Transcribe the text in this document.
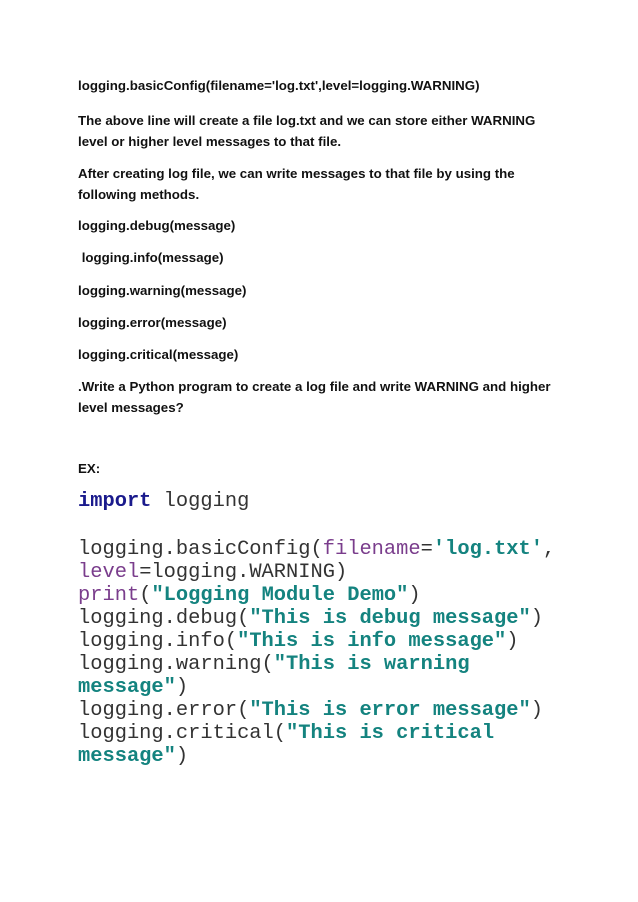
logging.basicConfig(filename='log.txt',level=logging.WARNING)
The above line will create a file log.txt and we can store either WARNING
level or higher level messages to that file.
After creating log file, we can write messages to that file by using the
following methods.
logging.debug(message)
logging.info(message)
logging.warning(message)
logging.error(message)
logging.critical(message)
.Write a Python program to create a log file and write WARNING and higher
level messages?
EX:
import logging
logging.basicConfig(filename='log.txt',
level=logging.WARNING)
print("Logging Module Demo")
logging.debug("This is debug message")
logging.info("This is info message")
logging.warning("This is warning
message")
logging.error("This is error message")
logging.critical("This is critical
message")
